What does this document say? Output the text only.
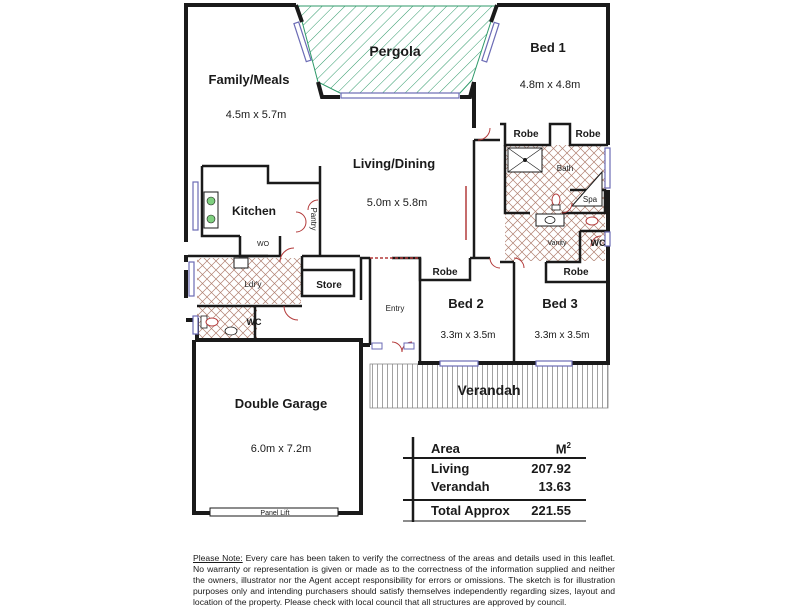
Pergola	Bed 1
4.8m x 4.8m
Family/Meals
4.5m x 5.7m
Living/Dining
5.0m x 5.8m
Kitchen	Pantry
WO
Ldr'y	Store
WC
Entry
Robe	Robe
Bed 2
3.3m x 3.5m
Bed 3
3.3m x 3.5m
Robe	Robe
Bath
Spa
Vanity	WC
Verandah
Double Garage
6.0m x 7.2m
Panel Lift
Area	$M^2$
Living	207.92
Verandah	13.63
Total Approx 221.55
Please Note: Every care has been taken to verify the correctness of the areas and details used in this leaflet. No warranty or representation is given or made as to the correctness of the information supplied and neither the owners, illustrator nor the Agent accept responsibility for errors or omissions. The sketch is for illustration purposes only and intending purchasers should satisfy themselves independently regarding sizes, layout and location of the property. Please check with local council that all structures are approved by council.
